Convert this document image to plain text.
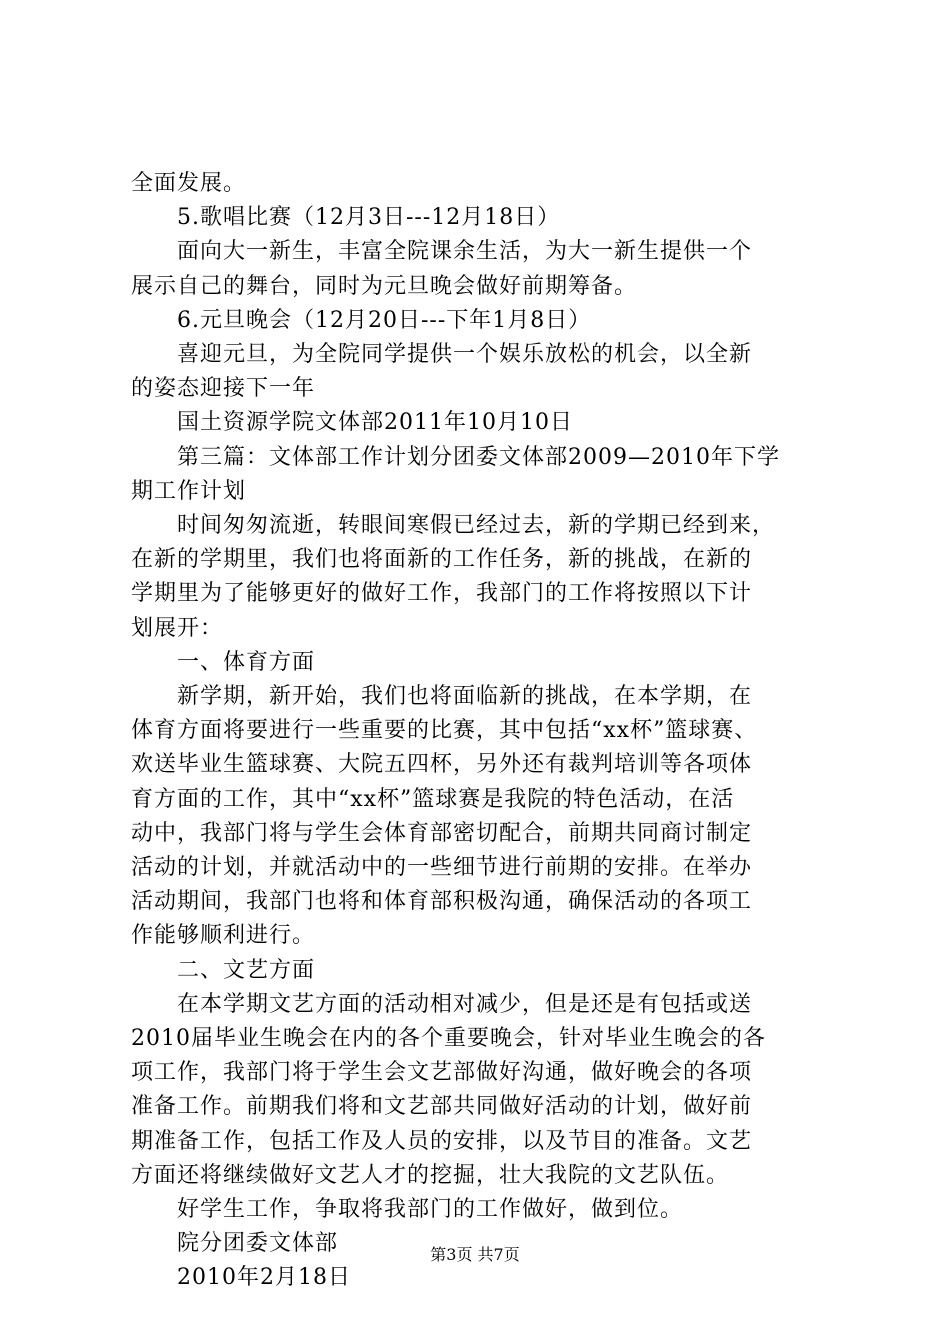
全面发展。
5.歌唱比赛（12月3日---12月18日）
面向大一新生，丰富全院课余生活，为大一新生提供一个
展示自己的舞台，同时为元旦晚会做好前期筹备。
6.元旦晚会（12月20日---下年1月8日）
喜迎元旦，为全院同学提供一个娱乐放松的机会，以全新
的姿态迎接下一年
国土资源学院文体部2011年10月10日
第三篇：文体部工作计划分团委文体部2009—2010年下学
期工作计划
时间匆匆流逝，转眼间寒假已经过去，新的学期已经到来，
在新的学期里，我们也将面新的工作任务，新的挑战，在新的
学期里为了能够更好的做好工作，我部门的工作将按照以下计
划展开：
一、体育方面
新学期，新开始，我们也将面临新的挑战，在本学期，在
体育方面将要进行一些重要的比赛，其中包括“xx杯”篮球赛、
欢送毕业生篮球赛、大院五四杯，另外还有裁判培训等各项体
育方面的工作，其中“xx杯”篮球赛是我院的特色活动，在活
动中，我部门将与学生会体育部密切配合，前期共同商讨制定
活动的计划，并就活动中的一些细节进行前期的安排。在举办
活动期间，我部门也将和体育部积极沟通，确保活动的各项工
作能够顺利进行。
二、文艺方面
在本学期文艺方面的活动相对减少，但是还是有包括或送
2010届毕业生晚会在内的各个重要晚会，针对毕业生晚会的各
项工作，我部门将于学生会文艺部做好沟通，做好晚会的各项
准备工作。前期我们将和文艺部共同做好活动的计划，做好前
期准备工作，包括工作及人员的安排，以及节目的准备。文艺
方面还将继续做好文艺人才的挖掘，壮大我院的文艺队伍。
好学生工作，争取将我部门的工作做好，做到位。
院分团委文体部
2010年2月18日
第3页 共7页
